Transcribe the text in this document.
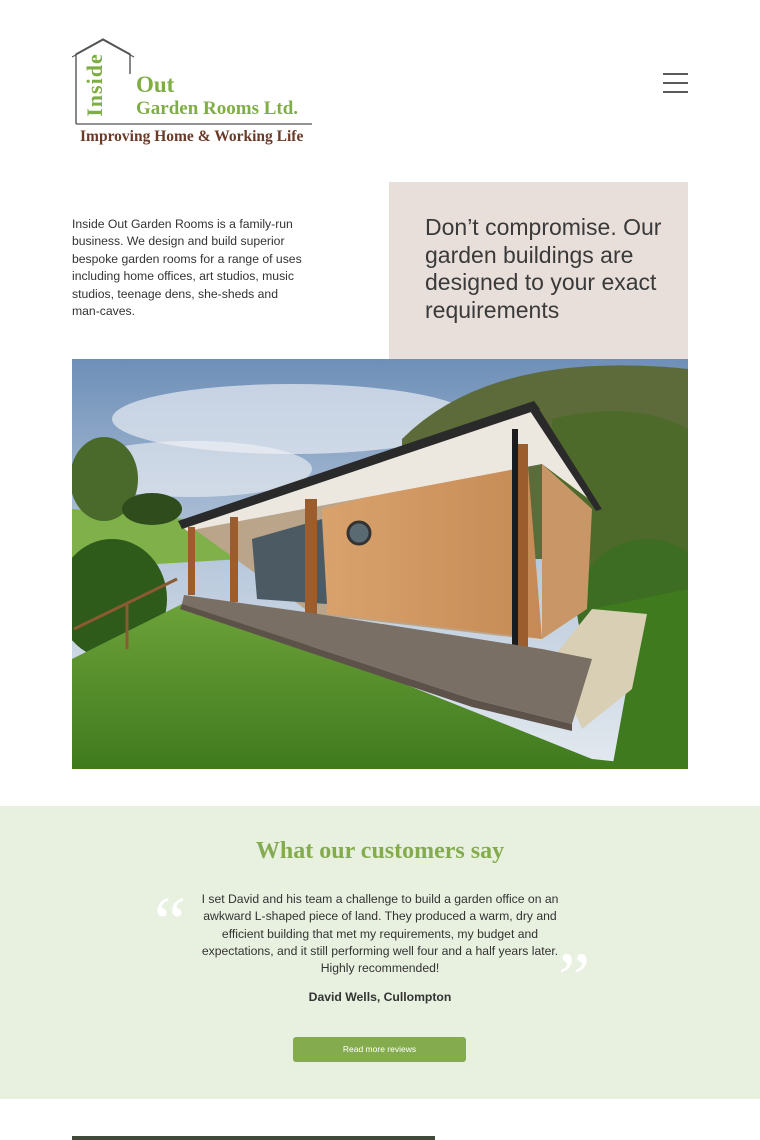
Inside Out
Garden Rooms Ltd.
Improving Home & Working Life

Inside Out Garden Rooms is a family-run business. We design and build superior bespoke garden rooms for a range of uses including home offices, art studios, music studios, teenage dens, she-sheds and man-caves.

Don’t compromise. Our garden buildings are designed to your exact requirements
What our customers say
“ I set David and his team a challenge to build a garden office on an awkward L-shaped piece of land. They produced a warm, dry and efficient building that met my requirements, my budget and expectations, and it still performing well four and a half years later. Highly recommended!	”
David Wells, Cullompton
Read more reviews
